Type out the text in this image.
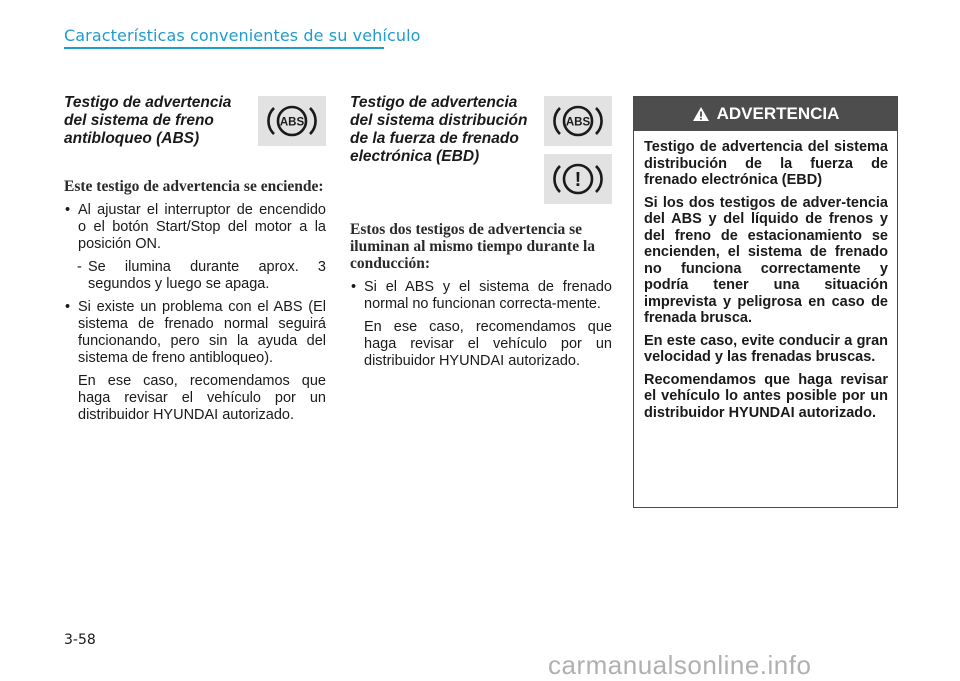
Características convenientes de su vehículo
Testigo de advertencia del sistema de freno antibloqueo (ABS)
ABS
Este testigo de advertencia se enciende:
• Al ajustar el interruptor de encendido o el botón Start/Stop del motor a la posición ON.
- Se ilumina durante aprox. 3 segundos y luego se apaga.
• Si existe un problema con el ABS (El sistema de frenado normal seguirá funcionando, pero sin la ayuda del sistema de freno antibloqueo).
En ese caso, recomendamos que haga revisar el vehículo por un distribuidor HYUNDAI autorizado.
Testigo de advertencia del sistema distribución de la fuerza de frenado electrónica (EBD)
ABS
!
Estos dos testigos de advertencia se iluminan al mismo tiempo durante la conducción:
• Si el ABS y el sistema de frenado normal no funcionan correcta-mente.
En ese caso, recomendamos que haga revisar el vehículo por un distribuidor HYUNDAI autorizado.
ADVERTENCIA
Testigo de advertencia del sistema distribución de la fuerza de frenado electrónica (EBD)
Si los dos testigos de adver-tencia del ABS y del líquido de frenos y del freno de estacionamiento se encienden, el sistema de frenado no funciona correctamente y podría tener una situación imprevista y peligrosa en caso de frenada brusca.
En este caso, evite conducir a gran velocidad y las frenadas bruscas.
Recomendamos que haga revisar el vehículo lo antes posible por un distribuidor HYUNDAI autorizado.
3-58
carmanualsonline.info
